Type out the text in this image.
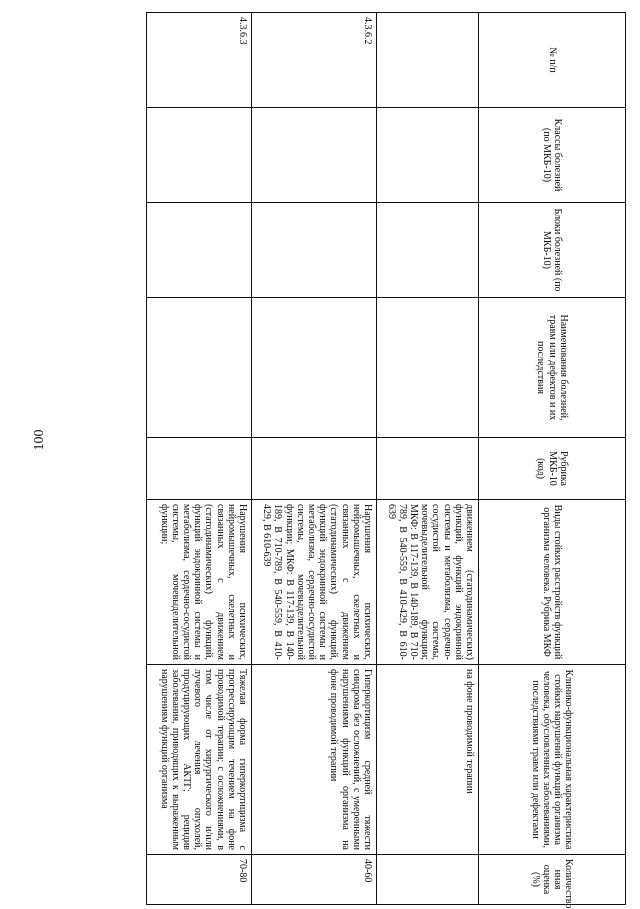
100
№ п/п	Классы болезней (по МКБ-10)	Блоки болезней (по МКБ-10)	Наименования болезней, травм или дефектов и их последствия	Рубрика МКБ-10 (код)	Виды стойких расстройств функций организма человека. Рубрика МКФ	Клинико-функциональная характеристика стойких нарушений функций организма человека, обусловленных заболеваниями, последствиями травм или дефектами	Количество нная оценка (%)
					движением (статодинамических) функций, функций эндокринной системы и метаболизма, сердечно-сосудистой системы, мочевыделительной функции; МКФ: В 117-139, В 140-189, В 710-789, В 540-559, В 410-429, В 610-639	на фоне проводимой терапии	
4.3.6.2					Нарушения психических, нейромышечных, скелетных и связанных с движением (статодинамических) функций, функций эндокринной системы и метаболизма, сердечно-сосудистой системы, мочевыделительной функции; МКФ: В 117-139, В 140-189, В 710-789, В 540-559, В 410-429, В 610-639	Гиперкортицизм средней тяжести синдрома без осложнений, с умеренными нарушениями функций организма на фоне проводимой терапии	40-60
4.3.6.3					Нарушения психических, нейромышечных, скелетных и связанных с движением (статодинамических) функций, функций эндокринной системы и метаболизма, сердечно-сосудистой системы, мочевыделительной функции;	Тяжелая форма гиперкортицизма с прогрессирующим течением на фоне проводимой терапии; с осложнениями, в том числе от хирургического и/или лучевого лечения опухолей, продуцирующих АКТГ; рецидив заболевания, приводящих к выраженным нарушениям функций организма	70-80
